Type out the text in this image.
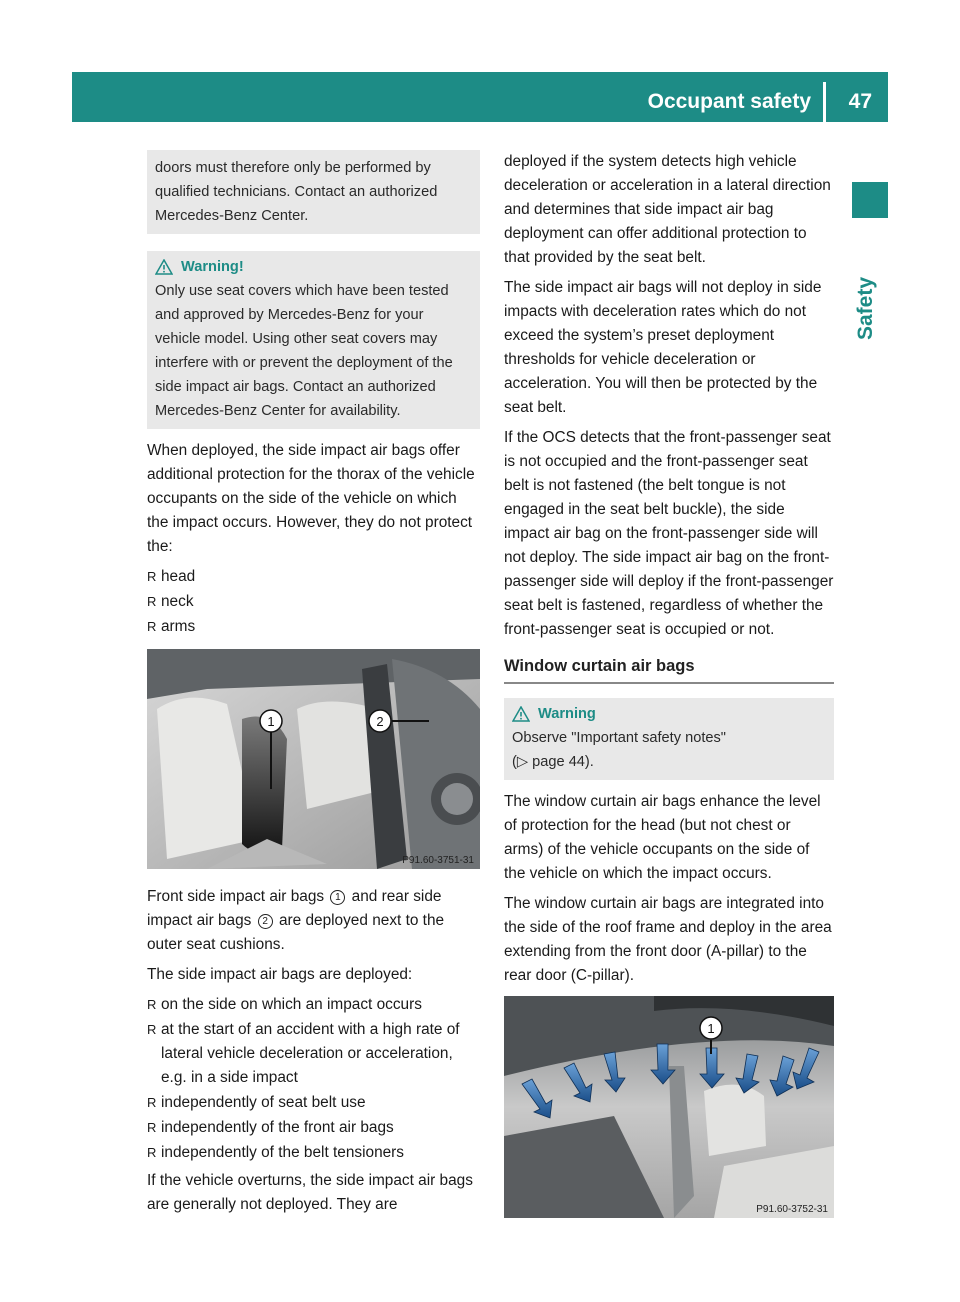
Occupant safety	47
Safety
doors must therefore only be performed by qualified technicians. Contact an authorized Mercedes-Benz Center.
Warning!
Only use seat covers which have been tested and approved by Mercedes-Benz for your vehicle model. Using other seat covers may interfere with or prevent the deployment of the side impact air bags. Contact an authorized Mercedes-Benz Center for availability.

When deployed, the side impact air bags offer additional protection for the thorax of the vehicle occupants on the side of the vehicle on which the impact occurs. However, they do not protect the:

R head
R neck
R arms
1	2
P91.60-3751-31

Front side impact air bags 1 and rear side impact air bags 2 are deployed next to the outer seat cushions.

The side impact air bags are deployed:

R on the side on which an impact occurs
R at the start of an accident with a high rate of lateral vehicle deceleration or acceleration, e.g. in a side impact
R independently of seat belt use
R independently of the front air bags
R independently of the belt tensioners

If the vehicle overturns, the side impact air bags are generally not deployed. They are

deployed if the system detects high vehicle deceleration or acceleration in a lateral direction and determines that side impact air bag deployment can offer additional protection to that provided by the seat belt.

The side impact air bags will not deploy in side impacts with deceleration rates which do not exceed the system’s preset deployment thresholds for vehicle deceleration or acceleration. You will then be protected by the seat belt.

If the OCS detects that the front-passenger seat is not occupied and the front-passenger seat belt is not fastened (the belt tongue is not engaged in the seat belt buckle), the side impact air bag on the front-passenger side will not deploy. The side impact air bag on the front-passenger side will deploy if the front-passenger seat belt is fastened, regardless of whether the front-passenger seat is occupied or not.

Window curtain air bags
Warning
Observe "Important safety notes"
(▷ page 44).

The window curtain air bags enhance the level of protection for the head (but not chest or arms) of the vehicle occupants on the side of the vehicle on which the impact occurs.

The window curtain air bags are integrated into the side of the roof frame and deploy in the area extending from the front door (A-pillar) to the rear door (C-pillar).

1
P91.60-3752-31
